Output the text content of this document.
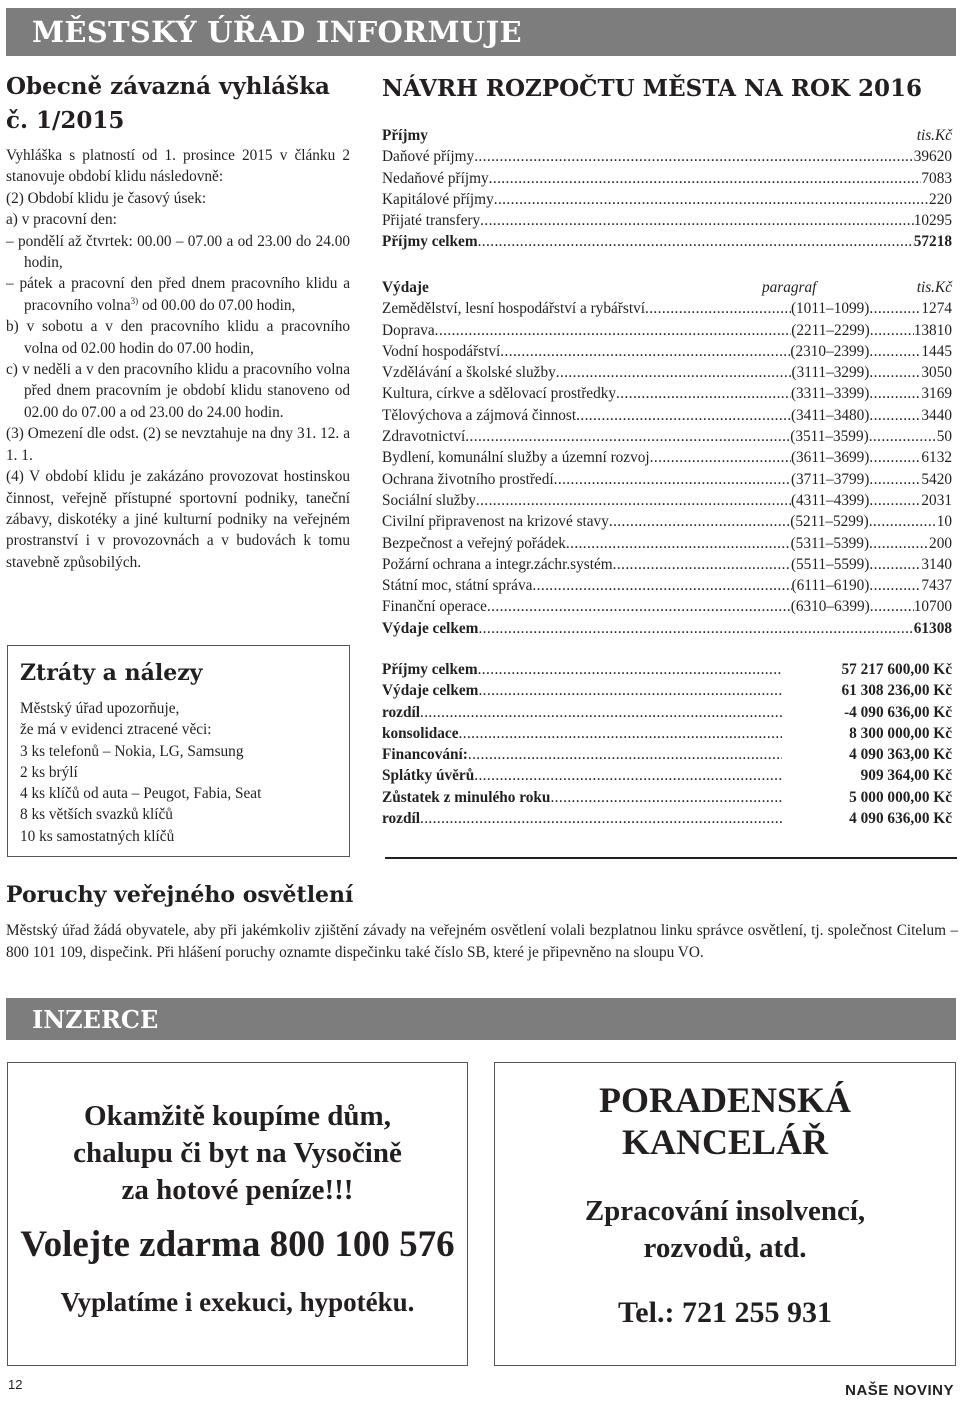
MĚSTSKÝ ÚŘAD INFORMUJE
Obecně závazná vyhláška
č. 1/2015
Vyhláška s platností od 1. prosince 2015 v článku 2 stanovuje období klidu následovně:
(2) Období klidu je časový úsek:
a) v pracovní den:
– pondělí až čtvrtek: 00.00 – 07.00 a od 23.00 do 24.00 hodin,
– pátek a pracovní den před dnem pracovního klidu a pracovního volna$^{3)}$ od 00.00 do 07.00 hodin,
b) v sobotu a v den pracovního klidu a pracovního volna od 02.00 hodin do 07.00 hodin,
c) v neděli a v den pracovního klidu a pracovního volna před dnem pracovním je období klidu stanoveno od 02.00 do 07.00 a od 23.00 do 24.00 hodin.
(3) Omezení dle odst. (2) se nevztahuje na dny 31. 12. a 1. 1.
(4) V období klidu je zakázáno provozovat hostinskou činnost, veřejně přístupné sportovní podniky, taneční zábavy, diskotéky a jiné kulturní podniky na veřejném prostranství i v provozovnách a v budovách k tomu stavebně způsobilých.
Ztráty a nálezy
Městský úřad upozorňuje,
že má v evidenci ztracené věci:
3 ks telefonů – Nokia, LG, Samsung
2 ks brýlí
4 ks klíčů od auta – Peugot, Fabia, Seat
8 ks větších svazků klíčů
10 ks samostatných klíčů
NÁVRH ROZPOČTU MĚSTA NA ROK 2016
Příjmy	tis.Kč
Daňové příjmy .....	39620
Nedaňové příjmy .....	7083
Kapitálové příjmy .....	220
Přijaté transfery .....	10295
Příjmy celkem .....	57218
Výdaje	paragraf	tis.Kč
Zemědělství, lesní hospodářství a rybářství .....	(1011–1099) .....	1274
Doprava .....	(2211–2299) .....	13810
Vodní hospodářství .....	(2310–2399) .....	1445
Vzdělávání a školské služby .....	(3111–3299) .....	3050
Kultura, církve a sdělovací prostředky .....	(3311–3399) .....	3169
Tělovýchova a zájmová činnost .....	(3411–3480) .....	3440
Zdravotnictví .....	(3511–3599) .....	50
Bydlení, komunální služby a územní rozvoj .....	(3611–3699) .....	6132
Ochrana životního prostředí .....	(3711–3799) .....	5420
Sociální služby .....	(4311–4399) .....	2031
Civilní připravenost na krizové stavy .....	(5211–5299) .....	10
Bezpečnost a veřejný pořádek .....	(5311–5399) .....	200
Požární ochrana a integr.záchr.systém .....	(5511–5599) .....	3140
Státní moc, státní správa .....	(6111–6190) .....	7437
Finanční operace .....	(6310–6399) .....	10700
Výdaje celkem .....	61308
Příjmy celkem .....	57 217 600,00 Kč
Výdaje celkem .....	61 308 236,00 Kč
rozdíl .....	-4 090 636,00 Kč
konsolidace .....	8 300 000,00 Kč
Financování: .....	4 090 363,00 Kč
Splátky úvěrů .....	909 364,00 Kč
Zůstatek z minulého roku .....	5 000 000,00 Kč
rozdíl .....	4 090 636,00 Kč
Poruchy veřejného osvětlení
Městský úřad žádá obyvatele, aby při jakémkoliv zjištění závady na veřejném osvětlení volali bezplatnou linku správce osvětlení, tj. společnost Citelum – 800 101 109, dispečink. Při hlášení poruchy oznamte dispečinku také číslo SB, které je připevněno na sloupu VO.
INZERCE
Okamžitě koupíme dům,
chalupu či byt na Vysočině
za hotové peníze!!!
Volejte zdarma 800 100 576
Vyplatíme i exekuci, hypotéku.
PORADENSKÁ
KANCELÁŘ
Zpracování insolvencí,
rozvodů, atd.
Tel.: 721 255 931
12	NAŠE NOVINY
